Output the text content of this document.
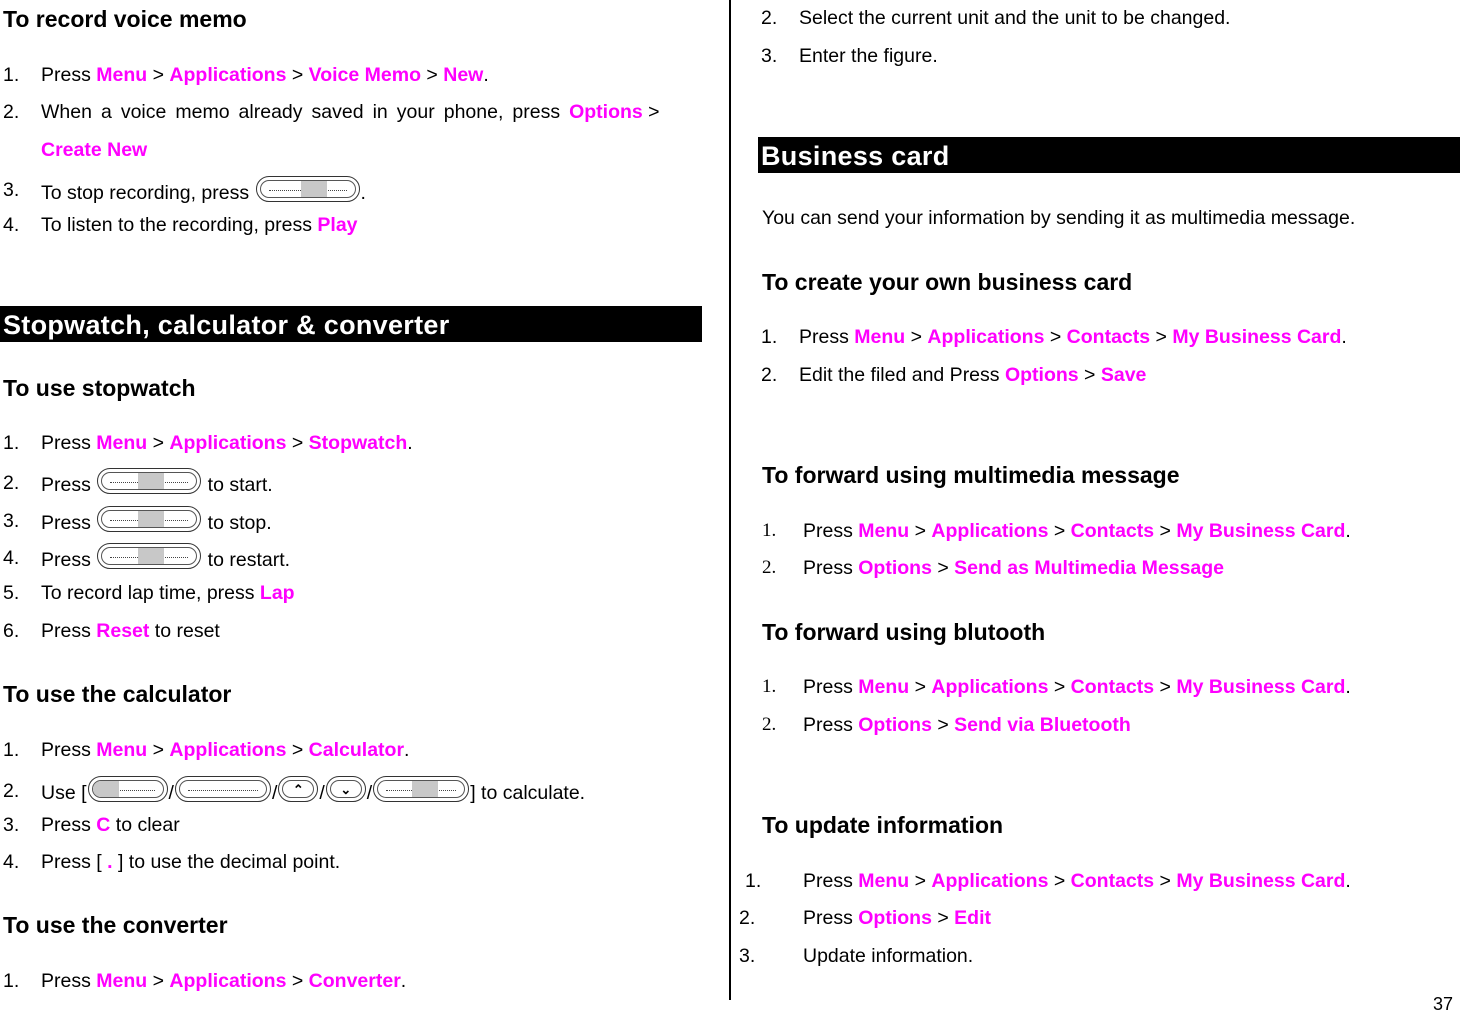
To record voice memo
1. Press Menu > Applications > Voice Memo > New.
2. When a voice memo already saved in your phone, press Options >
Create New
3. To stop recording, press	.
4. To listen to the recording, press Play
Stopwatch, calculator & converter
To use stopwatch
1. Press Menu > Applications > Stopwatch.
2. Press	to start.
3. Press	to stop.
4. Press	to restart.
5. To record lap time, press Lap
6. Press Reset to reset
To use the calculator
1. Press Menu > Applications > Calculator.
2. Use [	/	/	⌃ /	⌄ /	] to calculate.
3. Press C to clear
4. Press [ . ] to use the decimal point.
To use the converter
1. Press Menu > Applications > Converter.
2. Select the current unit and the unit to be changed.
3. Enter the figure.
Business card
You can send your information by sending it as multimedia message.
To create your own business card
1. Press Menu > Applications > Contacts > My Business Card.
2. Edit the filed and Press Options > Save
To forward using multimedia message
1. Press Menu > Applications > Contacts > My Business Card.
2. Press Options > Send as Multimedia Message
To forward using blutooth
1. Press Menu > Applications > Contacts > My Business Card.
2. Press Options > Send via Bluetooth
To update information
1. Press Menu > Applications > Contacts > My Business Card.
2. Press Options > Edit
3. Update information.
37
